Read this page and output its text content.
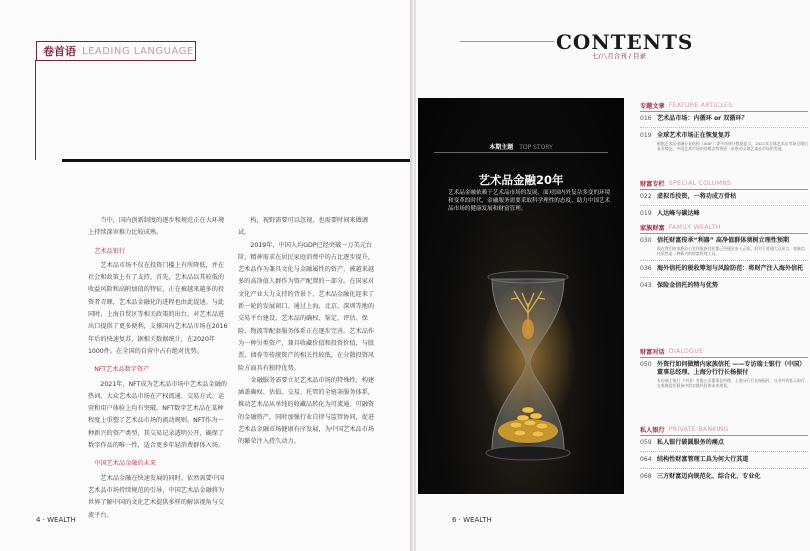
卷首语 LEADING LANGUAGE

当中，国内创新制度的逐步和规范正在大环境上持续深审推力比较成熟。

艺术品银行

艺术品市场不仅在投资门槛上有所降低，并在社会和政策上有了支持。首先，艺术品以其较低的收益风险和高附加值的特征，正在被越来越多的投资者青睐，艺术品金融化的进程也由此提速。与此同时，上海自贸区等相关政策的出台，对艺术品进出口提供了更多便利，支撑国内艺术品市场在2016年后的快速复苏，据相关数据统计，在2020年1000件。在全国的自营中占有绝对优势。

NFT艺术品数字资产

2021年，NFT成为艺术品市场中艺术品金融的热词，大众艺术品市场在产权流通、交易方式、运营和用户体验上均有突破，NFT数字艺术品在某种程度上重塑了艺术品市场的流动规则。NFT作为一种新兴的资产类型，其交易记录透明公开，确保了数字作品的唯一性，适合更多年轻消费群体入场。

中国艺术品金融的未来

艺术品金融在快速发展的同时，依然需要中国艺术品市场持续规范的引导，中国艺术品金融将为世界了解中国的文化艺术提供多样的解读视角与交流平台。

构，视野需要可以忽视，也需要时间来做调试。

2019年，中国人均GDP已经突破一万美元台阶，精神需求在居民家庭消费中的占比逐步提升，艺术品作为兼具文化与金融属性的资产，被越来越多的高净值人群作为资产配置的一部分。在国家对文化产业大力支持的背景下，艺术品金融化迎来了新一轮的发展窗口。通过上海、北京、深圳等地的交易平台建设，艺术品的确权、鉴定、评估、保险、物流等配套服务体系正在逐步完善。艺术品作为一种另类资产，兼具收藏价值和投资价值，与股票、债券等传统资产的相关性较低，在分散投资风险方面具有独特优势。

金融服务需要立足艺术品市场的特殊性，构建涵盖确权、估值、交易、托管的全链条服务体系，推动艺术品从单纯的收藏品转化为可流通、可融资的金融资产，同时加强行业自律与监管协同，促进艺术品金融市场健康有序发展，为中国艺术品市场的繁荣注入持久动力。

4 · WEALTH
CONTENTS
七/八月合刊 / 目录
本期主题 TOP STORY
艺术品金融20年
艺术品金融依赖于艺术品市场的发展，面对国内外复杂多变的环境和变革的时代，金融服务需要采取科学理性的态度，助力中国艺术品市场的健康发展和财富管理。
专题文章 FEATURE ARTICLES
016 艺术品市场：内循环 or 双循环？
019 全球艺术市场正在恢复复苏
根据艺术品金融专业机构（AIAF）等多项统计数据显示，2021年全球艺术品市场呈现出复苏势态，中国艺术市场的回暖态势将进一步推动全球艺术品市场的发展。
财富专栏 SPECIAL COLUMNS
022 虚拟币投资，一将功成万骨枯
019 人达峰与碳达峰
家族财富 FAMILY WEALTH
030 信托财富传承“利器” 高净值群体须树立理性预期
现在我们的家族办公室和家族信托都已经逐步步入正轨，但对于普通大众而言，家族信托依然是一种新兴的财富管理工具。
036 海外信托的税收筹划与风险防范：将财产注入海外信托
043 保险金信托的特与优势
财富对话 DIALOGUE
050 外资行如何做精内家族信托 ——专访瑞士银行（中国）董事总经理、上海分行行长杨振付
专访瑞士银行（中国）有限公司董事总经理、上海分行行长杨振付，分享外资私人银行在家族信托服务中的实践经验和未来规划。
私人银行 PRIVATE BANKING
059 私人银行破圆服务的痛点
064 结构性财富管理工具为何大行其道
068 三方财富迈向规范化、综合化、专业化
6 · WEALTH
